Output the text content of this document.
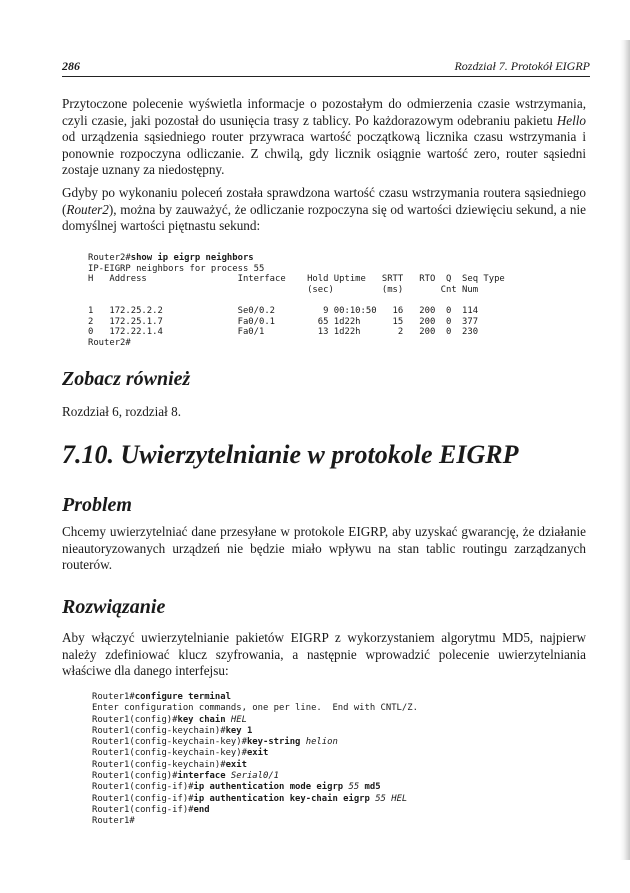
286	Rozdział 7. Protokół EIGRP

Przytoczone polecenie wyświetla informacje o pozostałym do odmierzenia czasie wstrzymania, czyli czasie, jaki pozostał do usunięcia trasy z tablicy. Po każdorazowym odebraniu pakietu Hello od urządzenia sąsiedniego router przywraca wartość początkową licznika czasu wstrzymania i ponownie rozpoczyna odliczanie. Z chwilą, gdy licznik osiągnie wartość zero, router sąsiedni zostaje uznany za niedostępny.

Gdyby po wykonaniu poleceń została sprawdzona wartość czasu wstrzymania routera sąsiedniego (Router2), można by zauważyć, że odliczanie rozpoczyna się od wartości dziewięciu sekund, a nie domyślnej wartości piętnastu sekund:

Router2#show ip eigrp neighbors
IP-EIGRP neighbors for process 55
H   Address                 Interface    Hold Uptime   SRTT   RTO  Q  Seq Type
(sec)         (ms)       Cnt Num

1   172.25.2.2              Se0/0.2         9 00:10:50   16   200  0  114
2   172.25.1.7              Fa0/0.1        65 1d22h      15   200  0  377
0   172.22.1.4              Fa0/1          13 1d22h       2   200  0  230
Router2#
Zobacz również

Rozdział 6, rozdział 8.

7.10. Uwierzytelnianie w protokole EIGRP
Problem

Chcemy uwierzytelniać dane przesyłane w protokole EIGRP, aby uzyskać gwarancję, że działanie nieautoryzowanych urządzeń nie będzie miało wpływu na stan tablic routingu zarządzanych routerów.

Rozwiązanie

Aby włączyć uwierzytelnianie pakietów EIGRP z wykorzystaniem algorytmu MD5, najpierw należy zdefiniować klucz szyfrowania, a następnie wprowadzić polecenie uwierzytelniania właściwe dla danego interfejsu:

Router1#configure terminal
Enter configuration commands, one per line.  End with CNTL/Z.
Router1(config)#key chain HEL
Router1(config-keychain)#key 1
Router1(config-keychain-key)#key-string helion
Router1(config-keychain-key)#exit
Router1(config-keychain)#exit
Router1(config)#interface Serial0/1
Router1(config-if)#ip authentication mode eigrp 55 md5
Router1(config-if)#ip authentication key-chain eigrp 55 HEL
Router1(config-if)#end
Router1#
